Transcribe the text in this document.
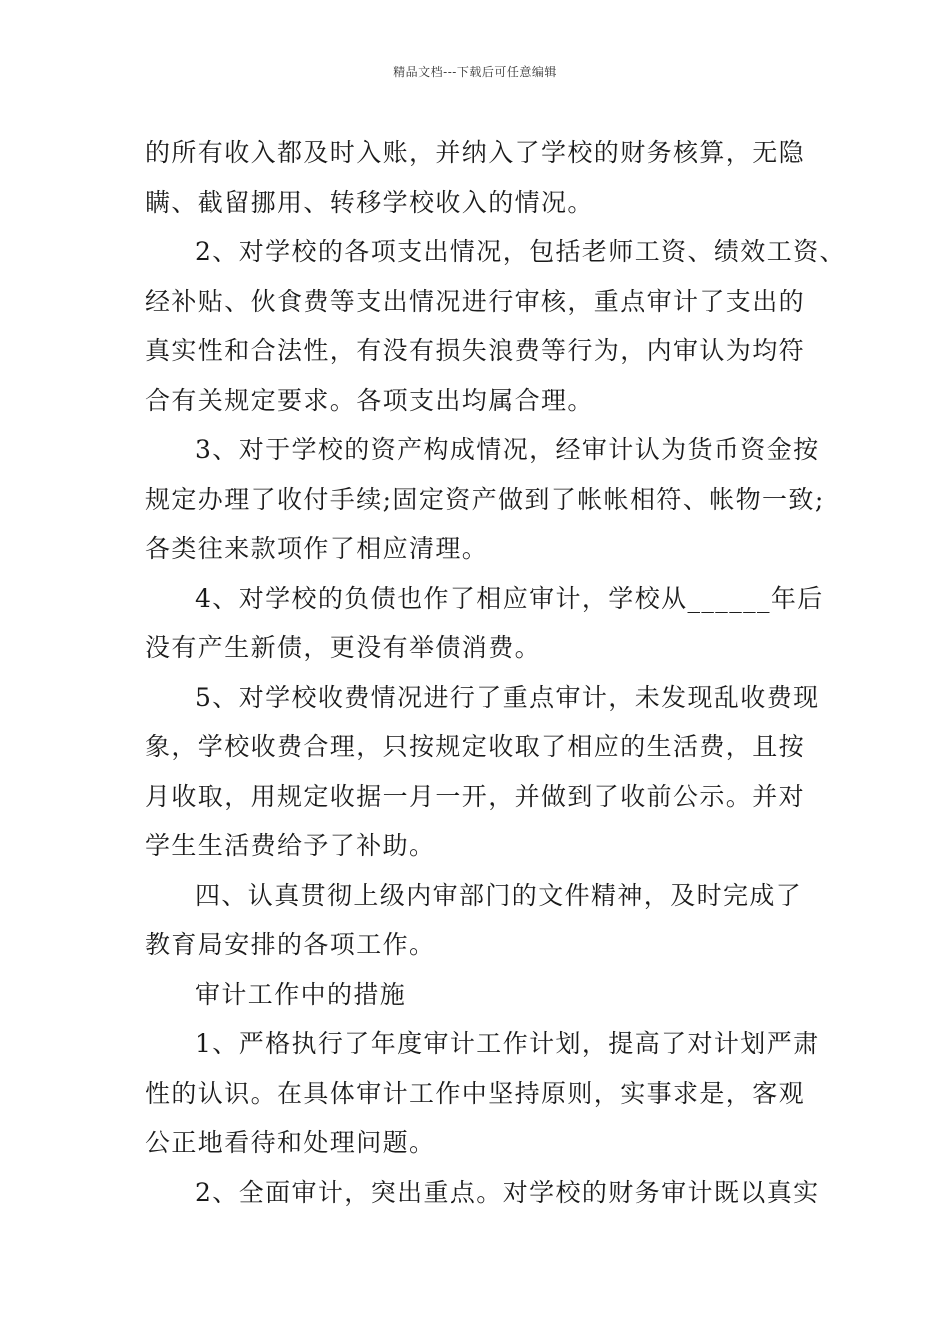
精品文档---下载后可任意编辑
的所有收入都及时入账，并纳入了学校的财务核算，无隐
瞒、截留挪用、转移学校收入的情况。
2、对学校的各项支出情况，包括老师工资、绩效工资、
经补贴、伙食费等支出情况进行审核，重点审计了支出的
真实性和合法性，有没有损失浪费等行为，内审认为均符
合有关规定要求。各项支出均属合理。
3、对于学校的资产构成情况，经审计认为货币资金按
规定办理了收付手续;固定资产做到了帐帐相符、帐物一致;
各类往来款项作了相应清理。
4、对学校的负债也作了相应审计，学校从______年后
没有产生新债，更没有举债消费。
5、对学校收费情况进行了重点审计，未发现乱收费现
象，学校收费合理，只按规定收取了相应的生活费，且按
月收取，用规定收据一月一开，并做到了收前公示。并对
学生生活费给予了补助。
四、认真贯彻上级内审部门的文件精神，及时完成了
教育局安排的各项工作。
审计工作中的措施
1、严格执行了年度审计工作计划，提高了对计划严肃
性的认识。在具体审计工作中坚持原则，实事求是，客观
公正地看待和处理问题。
2、全面审计，突出重点。对学校的财务审计既以真实
